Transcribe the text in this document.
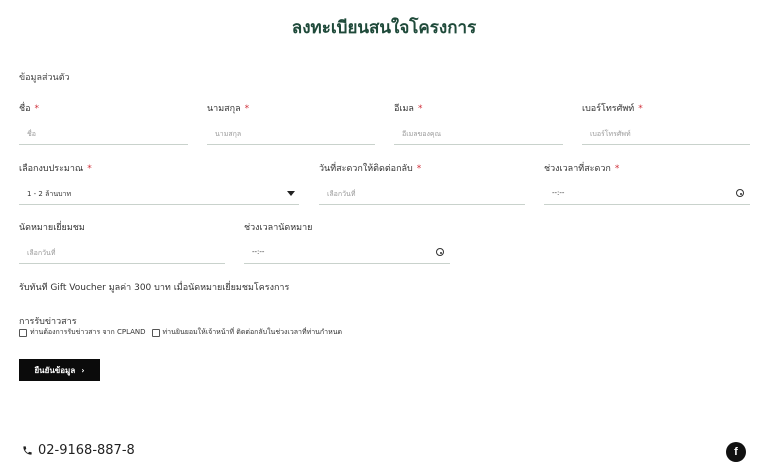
ลงทะเบียนสนใจโครงการ
ข้อมูลส่วนตัว
ชื่อ *
ชื่อ
นามสกุล *
นามสกุล
อีเมล *
อีเมลของคุณ
เบอร์โทรศัพท์ *
เบอร์โทรศัพท์
เลือกงบประมาณ *
1 - 2 ล้านบาท
วันที่สะดวกให้ติดต่อกลับ *
เลือกวันที่
ช่วงเวลาที่สะดวก *
--:--
นัดหมายเยี่ยมชม
เลือกวันที่
ช่วงเวลานัดหมาย
--:--
รับทันที Gift Voucher มูลค่า 300 บาท เมื่อนัดหมายเยี่ยมชมโครงการ
การรับข่าวสาร
ท่านต้องการรับข่าวสาร จาก CPLAND ท่านยินยอมให้เจ้าหน้าที่ ติดต่อกลับในช่วงเวลาที่ท่านกำหนด
ยืนยันข้อมูล ›
02-9168-887-8	f
